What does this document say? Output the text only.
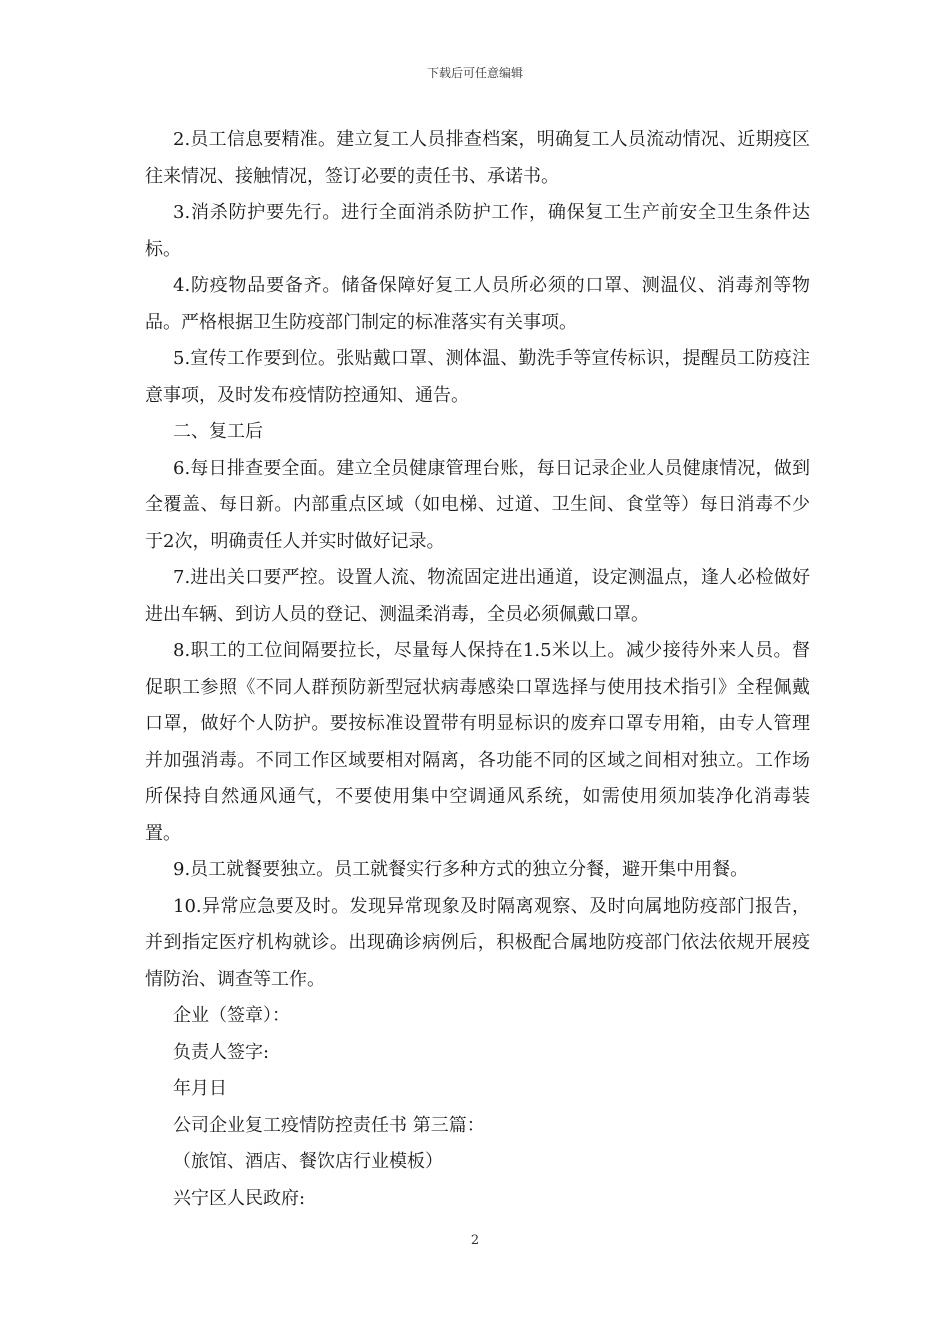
下载后可任意编辑

2.员工信息要精准。建立复工人员排查档案，明确复工人员流动情况、近期疫区往来情况、接触情况，签订必要的责任书、承诺书。

3.消杀防护要先行。进行全面消杀防护工作，确保复工生产前安全卫生条件达标。

4.防疫物品要备齐。储备保障好复工人员所必须的口罩、测温仪、消毒剂等物品。严格根据卫生防疫部门制定的标准落实有关事项。

5.宣传工作要到位。张贴戴口罩、测体温、勤洗手等宣传标识，提醒员工防疫注意事项，及时发布疫情防控通知、通告。

二、复工后

6.每日排查要全面。建立全员健康管理台账，每日记录企业人员健康情况，做到全覆盖、每日新。内部重点区域（如电梯、过道、卫生间、食堂等）每日消毒不少于2次，明确责任人并实时做好记录。

7.进出关口要严控。设置人流、物流固定进出通道，设定测温点，逢人必检做好进出车辆、到访人员的登记、测温柔消毒，全员必须佩戴口罩。

8.职工的工位间隔要拉长，尽量每人保持在1.5米以上。减少接待外来人员。督促职工参照《不同人群预防新型冠状病毒感染口罩选择与使用技术指引》全程佩戴口罩，做好个人防护。要按标准设置带有明显标识的废弃口罩专用箱，由专人管理并加强消毒。不同工作区域要相对隔离，各功能不同的区域之间相对独立。工作场所保持自然通风通气，不要使用集中空调通风系统，如需使用须加装净化消毒装置。

9.员工就餐要独立。员工就餐实行多种方式的独立分餐，避开集中用餐。

10.异常应急要及时。发现异常现象及时隔离观察、及时向属地防疫部门报告，并到指定医疗机构就诊。出现确诊病例后，积极配合属地防疫部门依法依规开展疫情防治、调查等工作。

企业（签章）：

负责人签字:

年月日

公司企业复工疫情防控责任书 第三篇：

（旅馆、酒店、餐饮店行业模板）

兴宁区人民政府:

2
